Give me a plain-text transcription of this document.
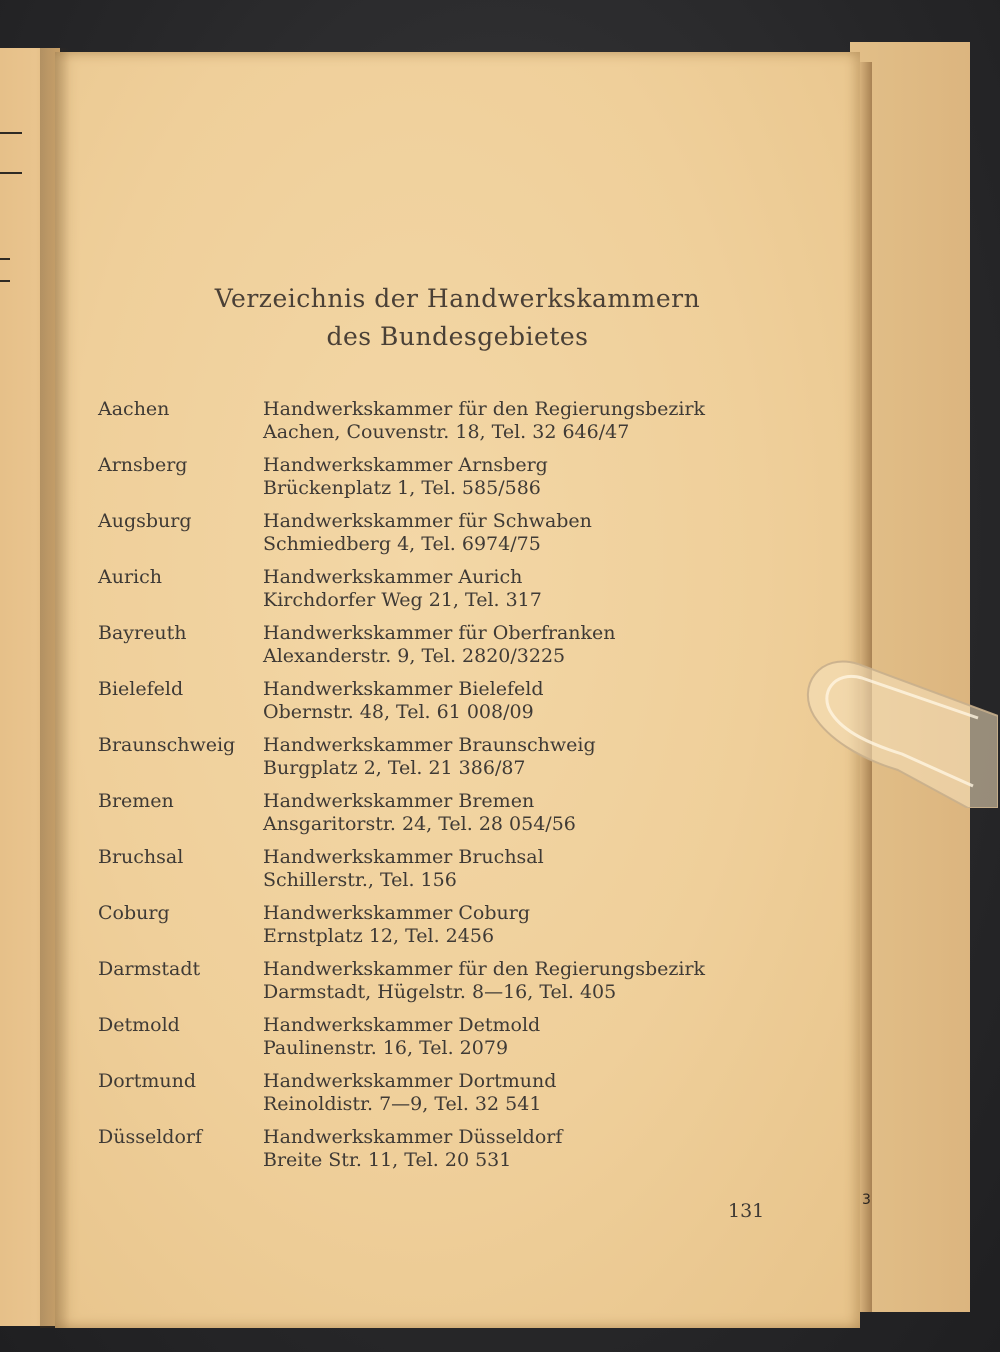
Verzeichnis der Handwerkskammern
des Bundesgebietes
Aachen	Handwerkskammer für den Regierungsbezirk
Aachen, Couvenstr. 18, Tel. 32 646/47
Arnsberg	Handwerkskammer Arnsberg
Brückenplatz 1, Tel. 585/586
Augsburg	Handwerkskammer für Schwaben
Schmiedberg 4, Tel. 6974/75
Aurich	Handwerkskammer Aurich
Kirchdorfer Weg 21, Tel. 317
Bayreuth	Handwerkskammer für Oberfranken
Alexanderstr. 9, Tel. 2820/3225
Bielefeld	Handwerkskammer Bielefeld
Obernstr. 48, Tel. 61 008/09
Braunschweig Handwerkskammer Braunschweig
Burgplatz 2, Tel. 21 386/87
Bremen	Handwerkskammer Bremen
Ansgaritorstr. 24, Tel. 28 054/56
Bruchsal	Handwerkskammer Bruchsal
Schillerstr., Tel. 156
Coburg	Handwerkskammer Coburg
Ernstplatz 12, Tel. 2456
Darmstadt	Handwerkskammer für den Regierungsbezirk
Darmstadt, Hügelstr. 8—16, Tel. 405
Detmold	Handwerkskammer Detmold
Paulinenstr. 16, Tel. 2079
Dortmund	Handwerkskammer Dortmund
Reinoldistr. 7—9, Tel. 32 541
Düsseldorf	Handwerkskammer Düsseldorf
Breite Str. 11, Tel. 20 531
131	3
